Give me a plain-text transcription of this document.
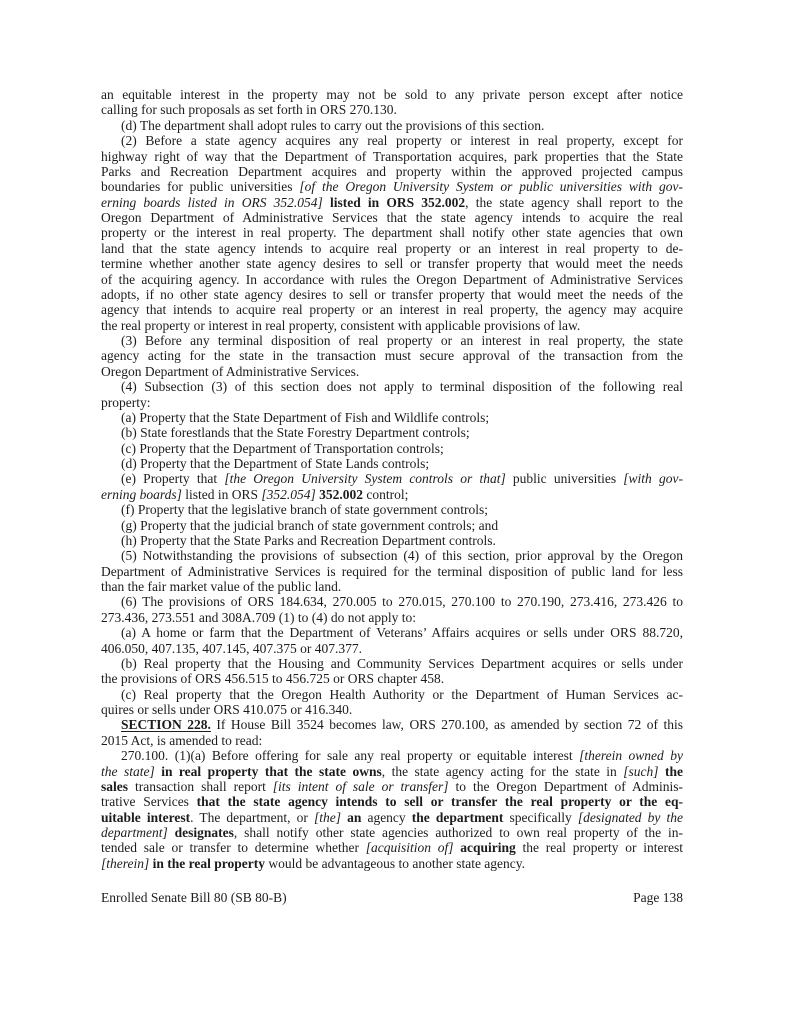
an equitable interest in the property may not be sold to any private person except after notice
calling for such proposals as set forth in ORS 270.130.
(d) The department shall adopt rules to carry out the provisions of this section.
(2) Before a state agency acquires any real property or interest in real property, except for
highway right of way that the Department of Transportation acquires, park properties that the State
Parks and Recreation Department acquires and property within the approved projected campus
boundaries for public universities [of the Oregon University System or public universities with gov-
erning boards listed in ORS 352.054] listed in ORS 352.002, the state agency shall report to the
Oregon Department of Administrative Services that the state agency intends to acquire the real
property or the interest in real property. The department shall notify other state agencies that own
land that the state agency intends to acquire real property or an interest in real property to de-
termine whether another state agency desires to sell or transfer property that would meet the needs
of the acquiring agency. In accordance with rules the Oregon Department of Administrative Services
adopts, if no other state agency desires to sell or transfer property that would meet the needs of the
agency that intends to acquire real property or an interest in real property, the agency may acquire
the real property or interest in real property, consistent with applicable provisions of law.
(3) Before any terminal disposition of real property or an interest in real property, the state
agency acting for the state in the transaction must secure approval of the transaction from the
Oregon Department of Administrative Services.
(4) Subsection (3) of this section does not apply to terminal disposition of the following real
property:
(a) Property that the State Department of Fish and Wildlife controls;
(b) State forestlands that the State Forestry Department controls;
(c) Property that the Department of Transportation controls;
(d) Property that the Department of State Lands controls;
(e) Property that [the Oregon University System controls or that] public universities [with gov-
erning boards] listed in ORS [352.054] 352.002 control;
(f) Property that the legislative branch of state government controls;
(g) Property that the judicial branch of state government controls; and
(h) Property that the State Parks and Recreation Department controls.
(5) Notwithstanding the provisions of subsection (4) of this section, prior approval by the Oregon
Department of Administrative Services is required for the terminal disposition of public land for less
than the fair market value of the public land.
(6) The provisions of ORS 184.634, 270.005 to 270.015, 270.100 to 270.190, 273.416, 273.426 to
273.436, 273.551 and 308A.709 (1) to (4) do not apply to:
(a) A home or farm that the Department of Veterans’ Affairs acquires or sells under ORS 88.720,
406.050, 407.135, 407.145, 407.375 or 407.377.
(b) Real property that the Housing and Community Services Department acquires or sells under
the provisions of ORS 456.515 to 456.725 or ORS chapter 458.
(c) Real property that the Oregon Health Authority or the Department of Human Services ac-
quires or sells under ORS 410.075 or 416.340.
SECTION 228. If House Bill 3524 becomes law, ORS 270.100, as amended by section 72 of this
2015 Act, is amended to read:
270.100. (1)(a) Before offering for sale any real property or equitable interest [therein owned by
the state] in real property that the state owns, the state agency acting for the state in [such] the
sales transaction shall report [its intent of sale or transfer] to the Oregon Department of Adminis-
trative Services that the state agency intends to sell or transfer the real property or the eq-
uitable interest. The department, or [the] an agency the department specifically [designated by the
department] designates, shall notify other state agencies authorized to own real property of the in-
tended sale or transfer to determine whether [acquisition of] acquiring the real property or interest
[therein] in the real property would be advantageous to another state agency.
Enrolled Senate Bill 80 (SB 80-B)	Page 138
